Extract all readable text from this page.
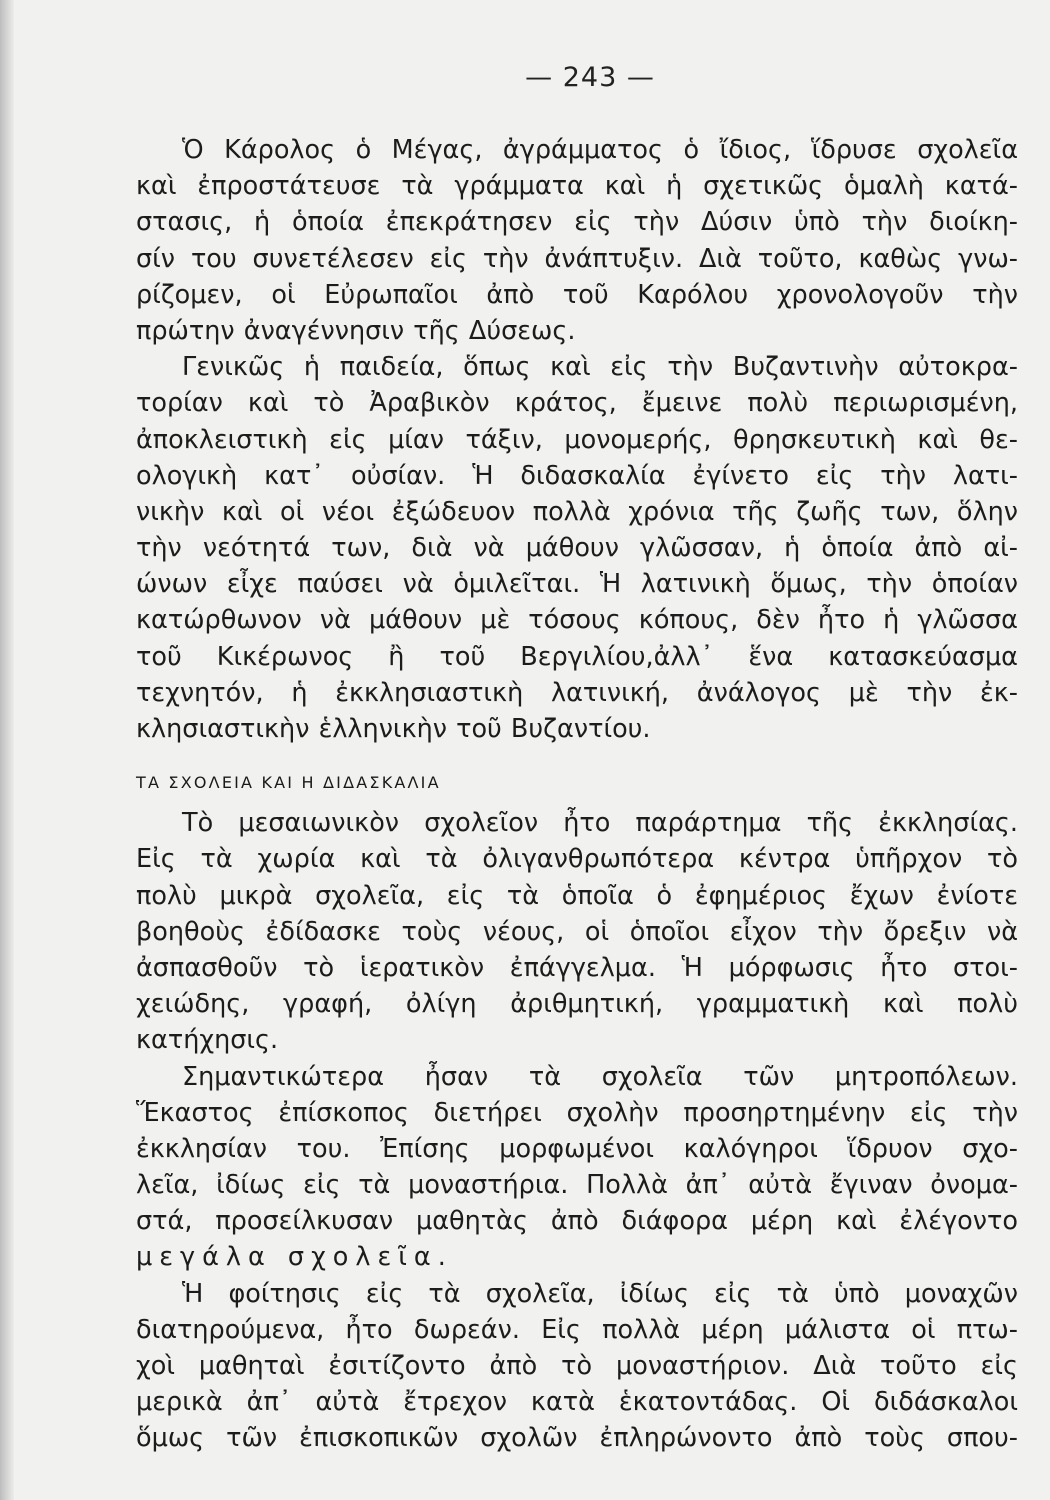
— 243 —
Ὁ Κάρολος ὁ Μέγας, ἀγράμματος ὁ ἴδιος, ἵδρυσε σχολεῖα
καὶ ἐπροστάτευσε τὰ γράμματα καὶ ἡ σχετικῶς ὁμαλὴ κατά-
στασις, ἡ ὁποία ἐπεκράτησεν εἰς τὴν Δύσιν ὑπὸ τὴν διοίκη-
σίν του συνετέλεσεν εἰς τὴν ἀνάπτυξιν. Διὰ τοῦτο, καθὼς γνω-
ρίζομεν, οἱ Εὐρωπαῖοι ἀπὸ τοῦ Καρόλου χρονολογοῦν τὴν
πρώτην ἀναγέννησιν τῆς Δύσεως.
Γενικῶς ἡ παιδεία, ὅπως καὶ εἰς τὴν Βυζαντινὴν αὐτοκρα-
τορίαν καὶ τὸ Ἀραβικὸν κράτος, ἔμεινε πολὺ περιωρισμένη,
ἀποκλειστικὴ εἰς μίαν τάξιν, μονομερής, θρησκευτικὴ καὶ θε-
ολογικὴ κατ᾽ οὐσίαν. Ἡ διδασκαλία ἐγίνετο εἰς τὴν λατι-
νικὴν καὶ οἱ νέοι ἐξώδευον πολλὰ χρόνια τῆς ζωῆς των, ὅλην
τὴν νεότητά των, διὰ νὰ μάθουν γλῶσσαν, ἡ ὁποία ἀπὸ αἰ-
ώνων εἶχε παύσει νὰ ὁμιλεῖται. Ἡ λατινικὴ ὅμως, τὴν ὁποίαν
κατώρθωνον νὰ μάθουν μὲ τόσους κόπους, δὲν ἦτο ἡ γλῶσσα
τοῦ Κικέρωνος ἢ τοῦ Βεργιλίου,ἀλλ᾽ ἕνα κατασκεύασμα
τεχνητόν, ἡ ἐκκλησιαστικὴ λατινική, ἀνάλογος μὲ τὴν ἐκ-
κλησιαστικὴν ἑλληνικὴν τοῦ Βυζαντίου.
ΤΑ ΣΧΟΛΕΙΑ ΚΑΙ Η ΔΙΔΑΣΚΑΛΙΑ
Τὸ μεσαιωνικὸν σχολεῖον ἦτο παράρτημα τῆς ἐκκλησίας.
Εἰς τὰ χωρία καὶ τὰ ὀλιγανθρωπότερα κέντρα ὑπῆρχον τὸ
πολὺ μικρὰ σχολεῖα, εἰς τὰ ὁποῖα ὁ ἐφημέριος ἔχων ἐνίοτε
βοηθοὺς ἐδίδασκε τοὺς νέους, οἱ ὁποῖοι εἶχον τὴν ὄρεξιν νὰ
ἀσπασθοῦν τὸ ἱερατικὸν ἐπάγγελμα. Ἡ μόρφωσις ἦτο στοι-
χειώδης, γραφή, ὀλίγη ἀριθμητική, γραμματικὴ καὶ πολὺ
κατήχησις.
Σημαντικώτερα ἦσαν τὰ σχολεῖα τῶν μητροπόλεων.
Ἕκαστος ἐπίσκοπος διετήρει σχολὴν προσηρτημένην εἰς τὴν
ἐκκλησίαν του. Ἐπίσης μορφωμένοι καλόγηροι ἵδρυον σχο-
λεῖα, ἰδίως εἰς τὰ μοναστήρια. Πολλὰ ἀπ᾽ αὐτὰ ἔγιναν ὀνομα-
στά, προσείλκυσαν μαθητὰς ἀπὸ διάφορα μέρη καὶ ἐλέγοντο
μεγάλα σχολεῖα.
Ἡ φοίτησις εἰς τὰ σχολεῖα, ἰδίως εἰς τὰ ὑπὸ μοναχῶν
διατηρούμενα, ἦτο δωρεάν. Εἰς πολλὰ μέρη μάλιστα οἱ πτω-
χοὶ μαθηταὶ ἐσιτίζοντο ἀπὸ τὸ μοναστήριον. Διὰ τοῦτο εἰς
μερικὰ ἀπ᾽ αὐτὰ ἔτρεχον κατὰ ἑκατοντάδας. Οἱ διδάσκαλοι
ὅμως τῶν ἐπισκοπικῶν σχολῶν ἐπληρώνοντο ἀπὸ τοὺς σπου-
